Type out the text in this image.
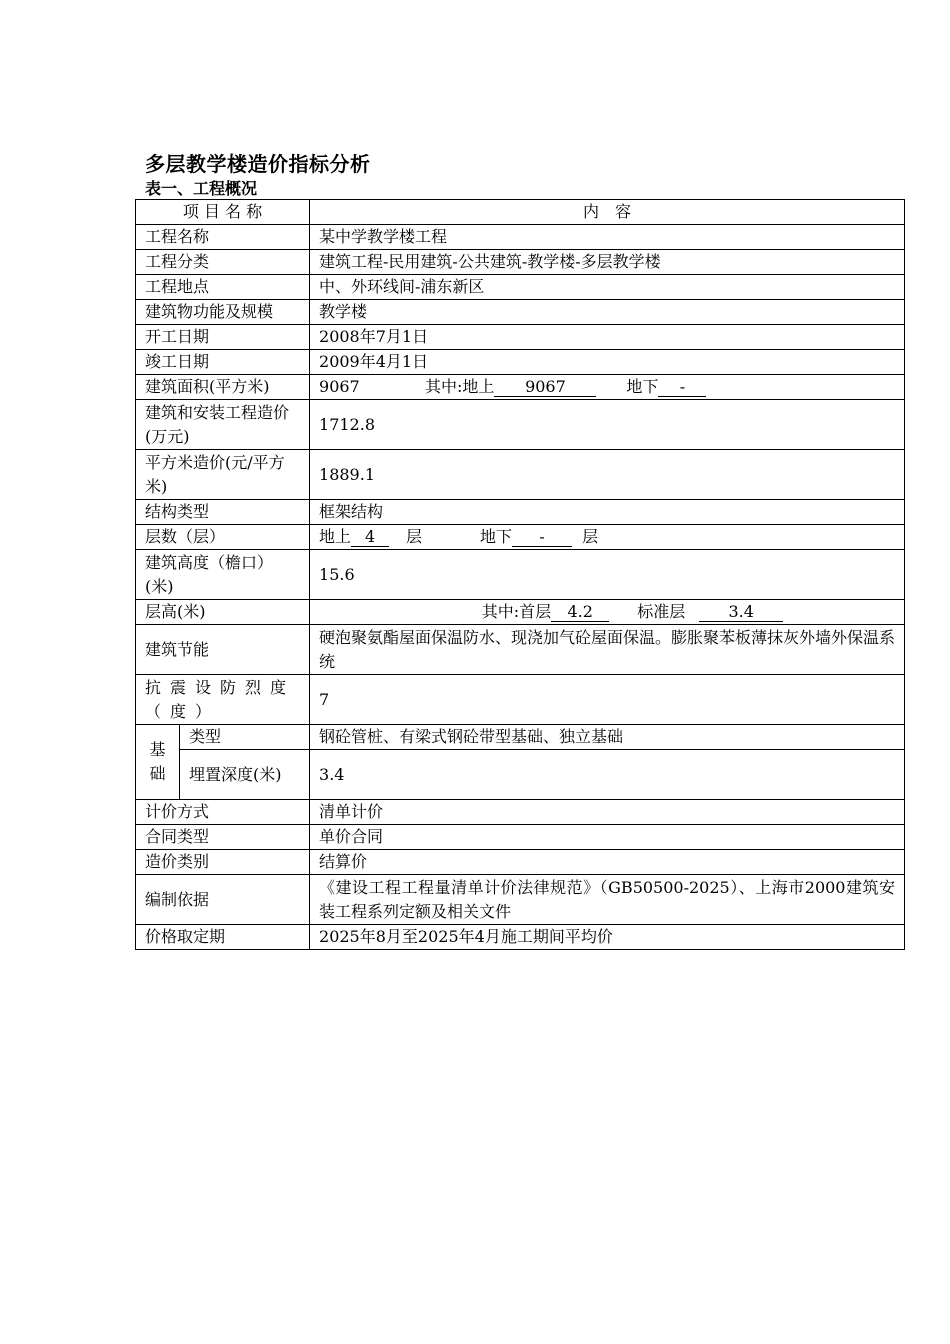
多层教学楼造价指标分析
表一、工程概况
项 目 名 称		内　容
工程名称		某中学教学楼工程
工程分类		建筑工程-民用建筑-公共建筑-教学楼-多层教学楼
工程地点		中、外环线间-浦东新区
建筑物功能及规模		教学楼
开工日期		2008年7月1日
竣工日期		2009年4月1日
建筑面积(平方米)		9067 其中:地上 9067 地下 -
建筑和安装工程造价(万元)		1712.8
平方米造价(元/平方米)		1889.1
结构类型		框架结构
层数（层）		地上 4 层 地下 - 层
建筑高度（檐口）(米)		15.6
层高(米)		其中:首层 4.2 标准层 3.4
建筑节能		硬泡聚氨酯屋面保温防水、现浇加气砼屋面保温。膨胀聚苯板薄抹灰外墙外保温系统
抗震设防烈度（度）		7

基础	类型	钢砼管桩、有梁式钢砼带型基础、独立基础
	埋置深度(米)	3.4
计价方式		清单计价
合同类型		单价合同
造价类别		结算价
编制依据		《建设工程工程量清单计价法律规范》（GB50500-2025）、上海市2000建筑安装工程系列定额及相关文件
价格取定期		2025年8月至2025年4月施工期间平均价
